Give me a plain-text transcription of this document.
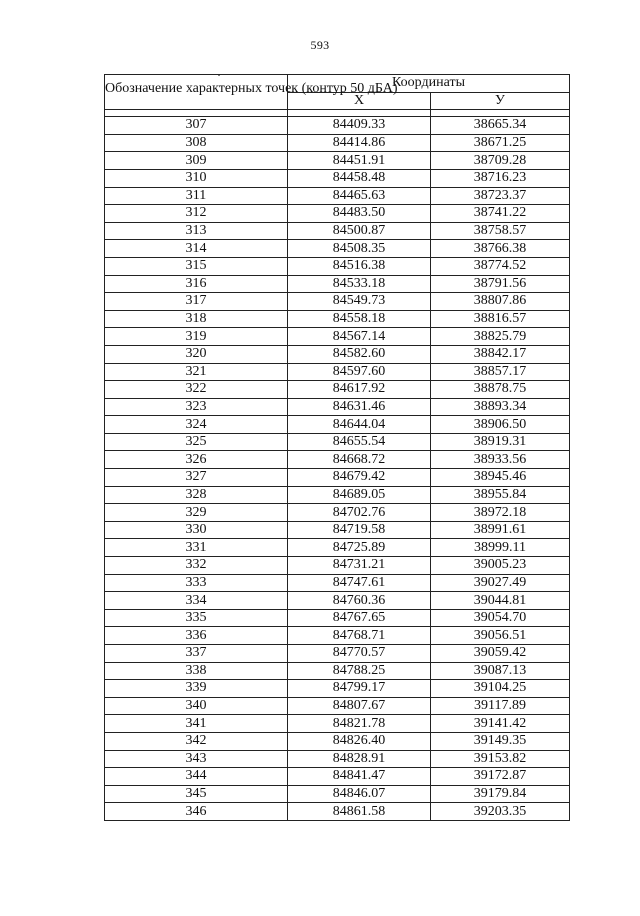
593
Обозначение характерных точек (контур 50 дБА)	Координаты	
	X	У

307	84409.33	38665.34
308	84414.86	38671.25
309	84451.91	38709.28
310	84458.48	38716.23
311	84465.63	38723.37
312	84483.50	38741.22
313	84500.87	38758.57
314	84508.35	38766.38
315	84516.38	38774.52
316	84533.18	38791.56
317	84549.73	38807.86
318	84558.18	38816.57
319	84567.14	38825.79
320	84582.60	38842.17
321	84597.60	38857.17
322	84617.92	38878.75
323	84631.46	38893.34
324	84644.04	38906.50
325	84655.54	38919.31
326	84668.72	38933.56
327	84679.42	38945.46
328	84689.05	38955.84
329	84702.76	38972.18
330	84719.58	38991.61
331	84725.89	38999.11
332	84731.21	39005.23
333	84747.61	39027.49
334	84760.36	39044.81
335	84767.65	39054.70
336	84768.71	39056.51
337	84770.57	39059.42
338	84788.25	39087.13
339	84799.17	39104.25
340	84807.67	39117.89
341	84821.78	39141.42
342	84826.40	39149.35
343	84828.91	39153.82
344	84841.47	39172.87
345	84846.07	39179.84
346	84861.58	39203.35
